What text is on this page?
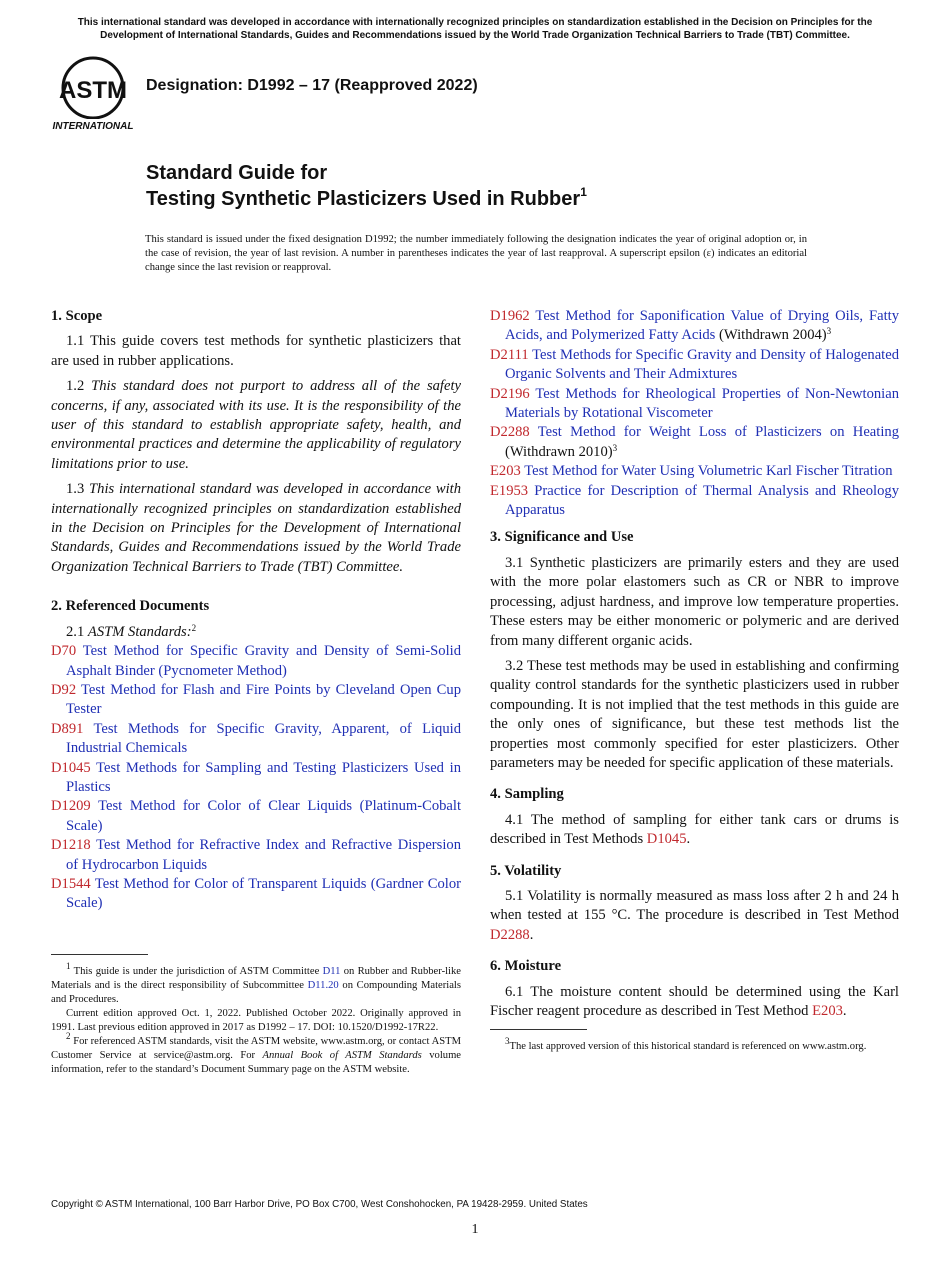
This international standard was developed in accordance with internationally recognized principles on standardization established in the Decision on Principles for the Development of International Standards, Guides and Recommendations issued by the World Trade Organization Technical Barriers to Trade (TBT) Committee.
ASTM
INTERNATIONAL
Designation: D1992 – 17 (Reapproved 2022)
Standard Guide for
Testing Synthetic Plasticizers Used in Rubber$^1$
This standard is issued under the fixed designation D1992; the number immediately following the designation indicates the year of original adoption or, in the case of revision, the year of last revision. A number in parentheses indicates the year of last reapproval. A superscript epsilon (ε) indicates an editorial change since the last revision or reapproval.
1. Scope

1.1 This guide covers test methods for synthetic plasticizers that are used in rubber applications.

1.2 This standard does not purport to address all of the safety concerns, if any, associated with its use. It is the responsibility of the user of this standard to establish appropriate safety, health, and environmental practices and determine the applicability of regulatory limitations prior to use.

1.3 This international standard was developed in accordance with internationally recognized principles on standardization established in the Decision on Principles for the Development of International Standards, Guides and Recommendations issued by the World Trade Organization Technical Barriers to Trade (TBT) Committee.

2. Referenced Documents

2.1 ASTM Standards:$^2$

D70 Test Method for Specific Gravity and Density of Semi-Solid Asphalt Binder (Pycnometer Method)

D92 Test Method for Flash and Fire Points by Cleveland Open Cup Tester

D891 Test Methods for Specific Gravity, Apparent, of Liquid Industrial Chemicals

D1045 Test Methods for Sampling and Testing Plasticizers Used in Plastics

D1209 Test Method for Color of Clear Liquids (Platinum-Cobalt Scale)

D1218 Test Method for Refractive Index and Refractive Dispersion of Hydrocarbon Liquids

D1544 Test Method for Color of Transparent Liquids (Gardner Color Scale)

$^1$ This guide is under the jurisdiction of ASTM Committee D11 on Rubber and Rubber-like Materials and is the direct responsibility of Subcommittee D11.20 on Compounding Materials and Procedures.

Current edition approved Oct. 1, 2022. Published October 2022. Originally approved in 1991. Last previous edition approved in 2017 as D1992 – 17. DOI: 10.1520/D1992-17R22.

$^2$ For referenced ASTM standards, visit the ASTM website, www.astm.org, or contact ASTM Customer Service at service@astm.org. For Annual Book of ASTM Standards volume information, refer to the standard’s Document Summary page on the ASTM website.

D1962 Test Method for Saponification Value of Drying Oils, Fatty Acids, and Polymerized Fatty Acids (Withdrawn 2004)$^3$

D2111 Test Methods for Specific Gravity and Density of Halogenated Organic Solvents and Their Admixtures

D2196 Test Methods for Rheological Properties of Non-Newtonian Materials by Rotational Viscometer

D2288 Test Method for Weight Loss of Plasticizers on Heating (Withdrawn 2010)$^3$

E203 Test Method for Water Using Volumetric Karl Fischer Titration

E1953 Practice for Description of Thermal Analysis and Rheology Apparatus

3. Significance and Use

3.1 Synthetic plasticizers are primarily esters and they are used with the more polar elastomers such as CR or NBR to improve processing, adjust hardness, and improve low temperature properties. These esters may be either monomeric or polymeric and are derived from many different organic acids.

3.2 These test methods may be used in establishing and confirming quality control standards for the synthetic plasticizers used in rubber compounding. It is not implied that the test methods in this guide are the only ones of significance, but these test methods list the properties most commonly specified for ester plasticizers. Other parameters may be needed for specific application of these materials.

4. Sampling

4.1 The method of sampling for either tank cars or drums is described in Test Methods D1045.

5. Volatility

5.1 Volatility is normally measured as mass loss after 2 h and 24 h when tested at 155 °C. The procedure is described in Test Method D2288.

6. Moisture

6.1 The moisture content should be determined using the Karl Fischer reagent procedure as described in Test Method E203.

$^3$The last approved version of this historical standard is referenced on www.astm.org.

Copyright © ASTM International, 100 Barr Harbor Drive, PO Box C700, West Conshohocken, PA 19428-2959. United States
1
